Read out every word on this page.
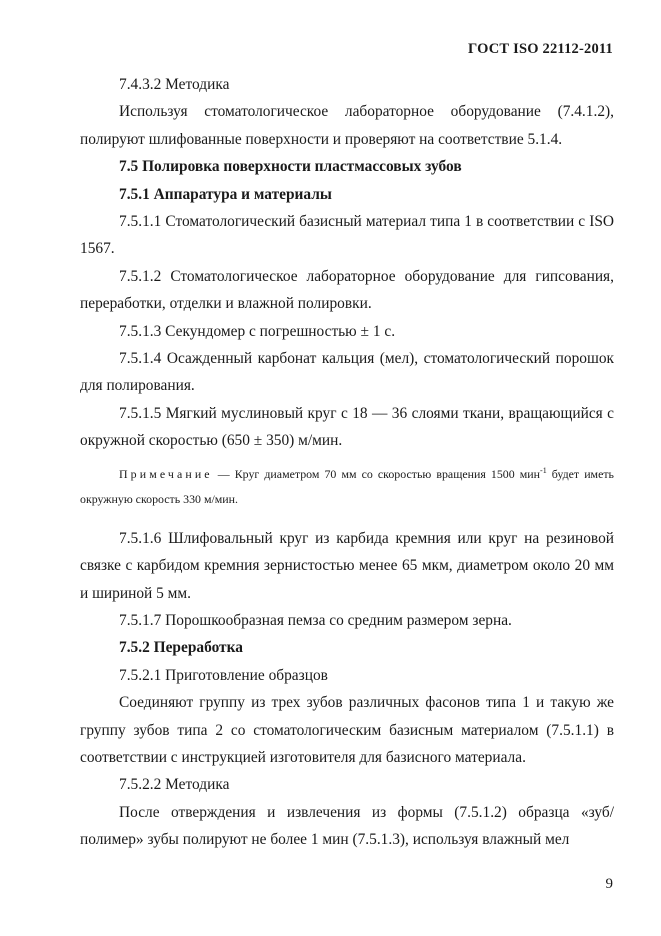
ГОСТ ISO 22112-2011

7.4.3.2 Методика

Используя стоматологическое лабораторное оборудование (7.4.1.2), полируют шлифованные поверхности и проверяют на соответствие 5.1.4.

7.5 Полировка поверхности пластмассовых зубов

7.5.1 Аппаратура и материалы

7.5.1.1 Стоматологический базисный материал типа 1 в соответствии с ISO 1567.

7.5.1.2 Стоматологическое лабораторное оборудование для гипсования, переработки, отделки и влажной полировки.

7.5.1.3 Секундомер с погрешностью ± 1 с.

7.5.1.4 Осажденный карбонат кальция (мел), стоматологический порошок для полирования.

7.5.1.5 Мягкий муслиновый круг с 18 — 36 слоями ткани, вращающийся с окружной скоростью (650 ± 350) м/мин.

Примечание — Круг диаметром 70 мм со скоростью вращения 1500 мин$^{-1}$ будет иметь окружную скорость 330 м/мин.

7.5.1.6 Шлифовальный круг из карбида кремния или круг на резиновой связке с карбидом кремния зернистостью менее 65 мкм, диаметром около 20 мм и шириной 5 мм.

7.5.1.7 Порошкообразная пемза со средним размером зерна.

7.5.2 Переработка

7.5.2.1 Приготовление образцов

Соединяют группу из трех зубов различных фасонов типа 1 и такую же группу зубов типа 2 со стоматологическим базисным материалом (7.5.1.1) в соответствии с инструкцией изготовителя для базисного материала.

7.5.2.2 Методика

После отверждения и извлечения из формы (7.5.1.2) образца «зуб/полимер» зубы полируют не более 1 мин (7.5.1.3), используя влажный мел

9
